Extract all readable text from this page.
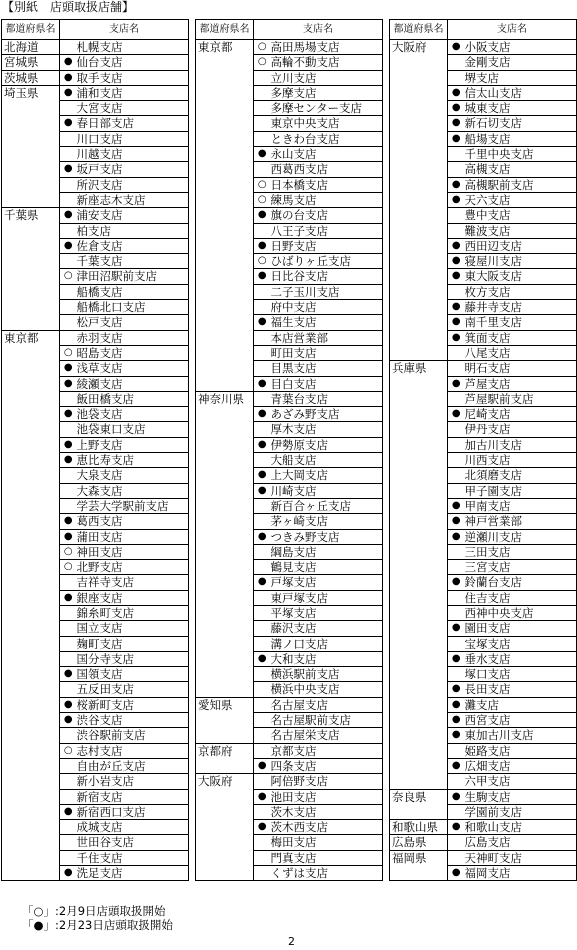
【別紙　店頭取扱店舗】
都道府県名	支店名	
北海道		札幌支店
宮城県	●	仙台支店
茨城県	●	取手支店
埼玉県	●	浦和支店
		大宮支店
	●	春日部支店
		川口支店
		川越支店
	●	坂戸支店
		所沢支店
		新座志木支店
千葉県	●	浦安支店
		柏支店
	●	佐倉支店
		千葉支店
	○	津田沼駅前支店
		船橋支店
		船橋北口支店
		松戸支店
東京都		赤羽支店
	○	昭島支店
	●	浅草支店
	●	綾瀬支店
		飯田橋支店
	●	池袋支店
		池袋東口支店
	●	上野支店
	●	恵比寿支店
		大泉支店
		大森支店
		学芸大学駅前支店
	●	葛西支店
	●	蒲田支店
	○	神田支店
	○	北野支店
		吉祥寺支店
	●	銀座支店
		錦糸町支店
		国立支店
		麹町支店
		国分寺支店
	●	国領支店
		五反田支店
	●	桜新町支店
	●	渋谷支店
		渋谷駅前支店
	○	志村支店
		自由が丘支店
		新小岩支店
		新宿支店
	●	新宿西口支店
		成城支店
		世田谷支店
		千住支店
	●	洗足支店
都道府県名	支店名	
東京都	○	高田馬場支店
	○	高輪不動支店
		立川支店
		多摩支店
		多摩センター支店
		東京中央支店
		ときわ台支店
	●	永山支店
		西葛西支店
	○	日本橋支店
	○	練馬支店
	●	旗の台支店
		八王子支店
	●	日野支店
	○	ひばりヶ丘支店
	●	日比谷支店
		二子玉川支店
		府中支店
	●	福生支店
		本店営業部
		町田支店
		目黒支店
	●	目白支店
神奈川県		青葉台支店
	●	あざみ野支店
		厚木支店
	●	伊勢原支店
		大船支店
	●	上大岡支店
	●	川崎支店
		新百合ヶ丘支店
		茅ヶ崎支店
	●	つきみ野支店
		綱島支店
		鶴見支店
	●	戸塚支店
		東戸塚支店
		平塚支店
		藤沢支店
		溝ノ口支店
	●	大和支店
		横浜駅前支店
		横浜中央支店
愛知県		名古屋支店
		名古屋駅前支店
		名古屋栄支店
京都府		京都支店
	●	四条支店
大阪府		阿倍野支店
	●	池田支店
		茨木支店
	●	茨木西支店
		梅田支店
		門真支店
		くずは支店
都道府県名	支店名	
大阪府	●	小阪支店
		金剛支店
		堺支店
	●	信太山支店
	●	城東支店
	●	新石切支店
	●	船場支店
		千里中央支店
		高槻支店
	●	高槻駅前支店
	●	天六支店
		豊中支店
		難波支店
	●	西田辺支店
	●	寝屋川支店
	●	東大阪支店
		枚方支店
	●	藤井寺支店
	●	南千里支店
	●	箕面支店
		八尾支店
兵庫県		明石支店
	●	芦屋支店
		芦屋駅前支店
	●	尼崎支店
		伊丹支店
		加古川支店
		川西支店
		北須磨支店
		甲子園支店
	●	甲南支店
	●	神戸営業部
	●	逆瀬川支店
		三田支店
		三宮支店
	●	鈴蘭台支店
		住吉支店
		西神中央支店
	●	園田支店
		宝塚支店
	●	垂水支店
		塚口支店
	●	長田支店
	●	灘支店
	●	西宮支店
	●	東加古川支店
		姫路支店
	●	広畑支店
		六甲支店
奈良県	●	生駒支店
		学園前支店
和歌山県	●	和歌山支店
広島県		広島支店
福岡県		天神町支店
	●	福岡支店
「○」:2月9日店頭取扱開始
「●」:2月23日店頭取扱開始
2
